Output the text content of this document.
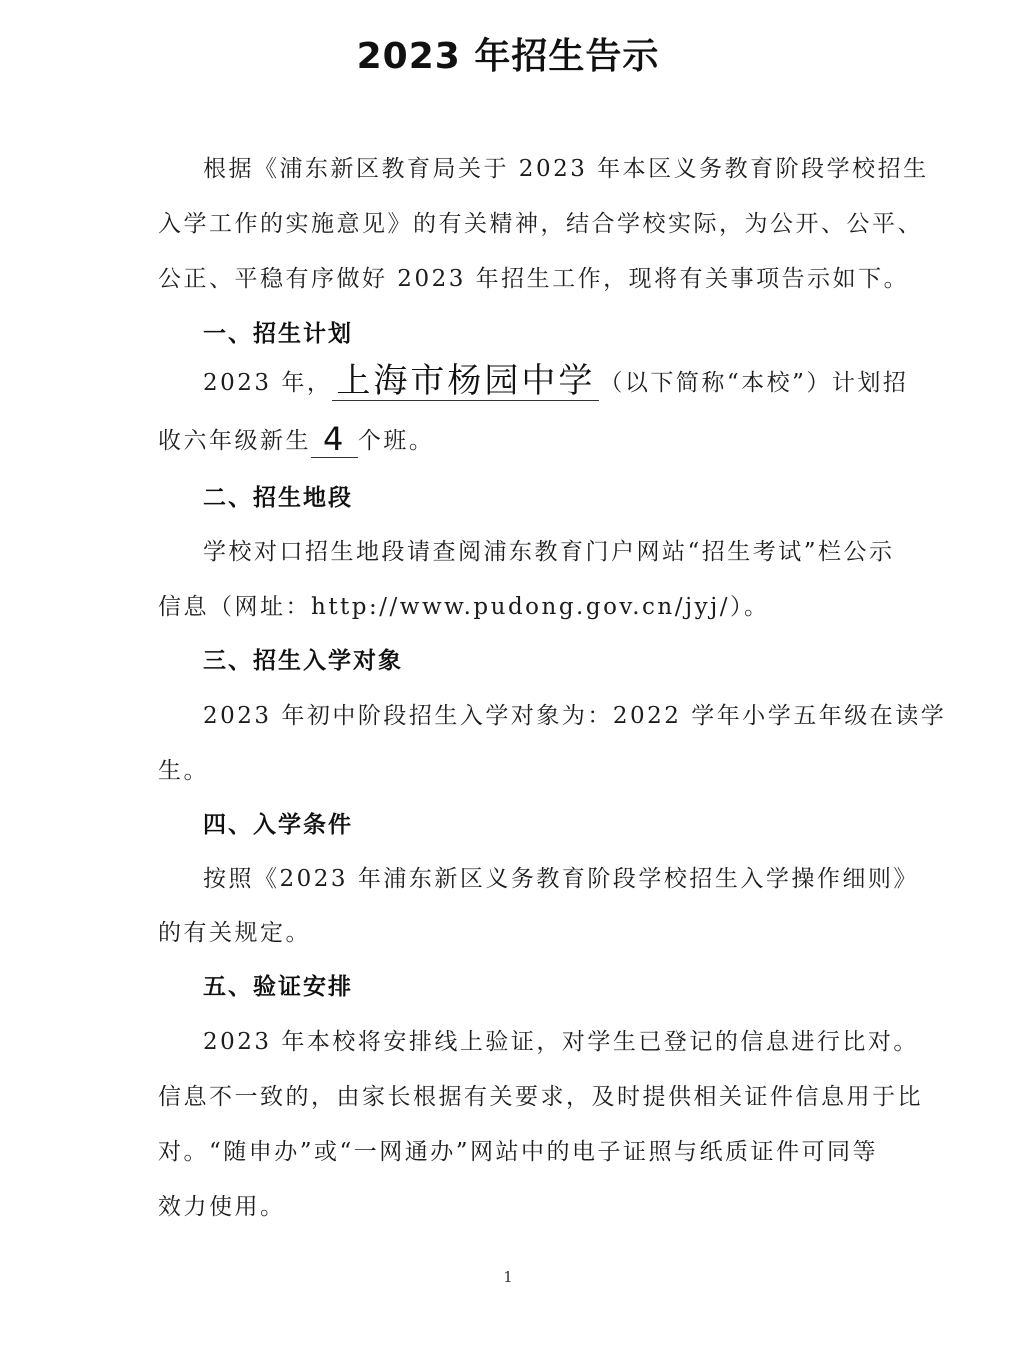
2023 年招生告示
根据《浦东新区教育局关于 2023 年本区义务教育阶段学校招生
入学工作的实施意见》的有关精神，结合学校实际，为公开、公平、
公正、平稳有序做好 2023 年招生工作，现将有关事项告示如下。
一、招生计划
2023 年， 上海市杨园中学 （以下简称“本校”）计划招
收六年级新生 4 个班。
二、招生地段
学校对口招生地段请查阅浦东教育门户网站“招生考试”栏公示
信息（网址：http://www.pudong.gov.cn/jyj/）。
三、招生入学对象
2023 年初中阶段招生入学对象为：2022 学年小学五年级在读学
生。
四、入学条件
按照《2023 年浦东新区义务教育阶段学校招生入学操作细则》
的有关规定。
五、验证安排
2023 年本校将安排线上验证，对学生已登记的信息进行比对。
信息不一致的，由家长根据有关要求，及时提供相关证件信息用于比
对。“随申办”或“一网通办”网站中的电子证照与纸质证件可同等
效力使用。
1
